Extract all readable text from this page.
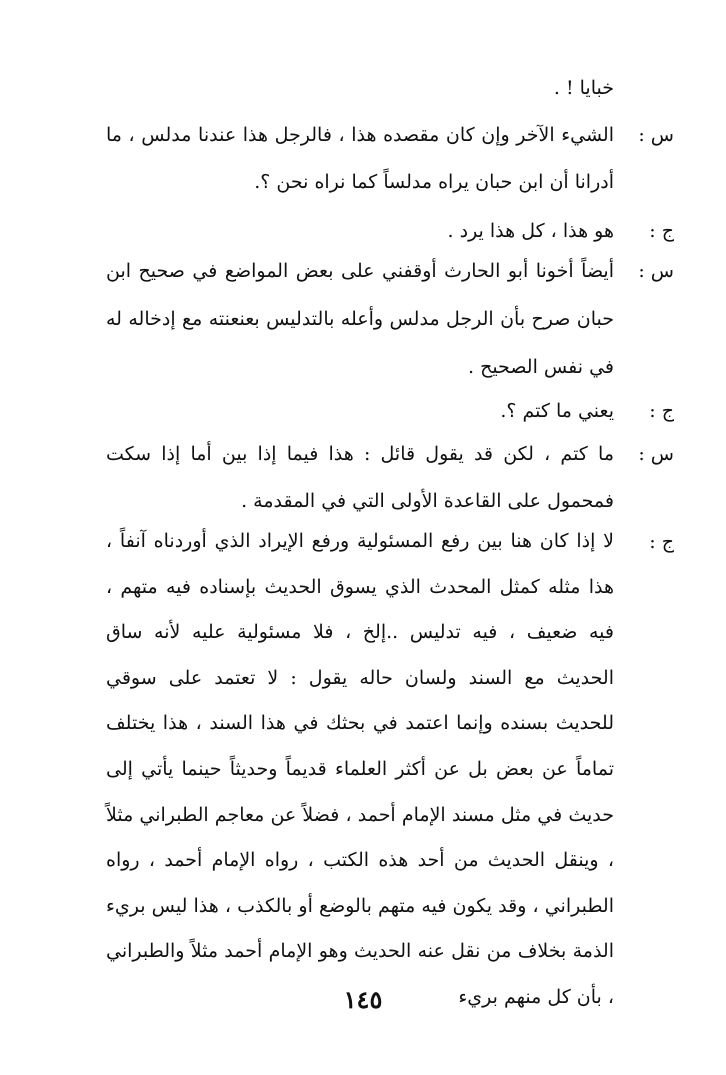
خبايا ! .
س :
الشيء الآخر وإن كان مقصده هذا ، فالرجل هذا عندنا مدلس ، ما أدرانا أن ابن حبان يراه مدلساً كما نراه نحن ؟.
ج :
هو هذا ، كل هذا يرد .
س :
أيضاً أخونا أبو الحارث أوقفني على بعض المواضع في صحيح ابن حبان صرح بأن الرجل مدلس وأعله بالتدليس بعنعنته مع إدخاله له في نفس الصحيح .
ج :
يعني ما كتم ؟.
س :
ما كتم ، لكن قد يقول قائل : هذا فيما إذا بين أما إذا سكت فمحمول على القاعدة الأولى التي في المقدمة .
ج :
لا إذا كان هنا بين رفع المسئولية ورفع الإيراد الذي أوردناه آنفاً ، هذا مثله كمثل المحدث الذي يسوق الحديث بإسناده فيه متهم ، فيه ضعيف ، فيه تدليس ..إلخ ، فلا مسئولية عليه لأنه ساق الحديث مع السند ولسان حاله يقول : لا تعتمد على سوقي للحديث بسنده وإنما اعتمد في بحثك في هذا السند ، هذا يختلف تماماً عن بعض بل عن أكثر العلماء قديماً وحديثاً حينما يأتي إلى حديث في مثل مسند الإمام أحمد ، فضلاً عن معاجم الطبراني مثلاً ، وينقل الحديث من أحد هذه الكتب ، رواه الإمام أحمد ، رواه الطبراني ، وقد يكون فيه متهم بالوضع أو بالكذب ، هذا ليس بريء الذمة بخلاف من نقل عنه الحديث وهو الإمام أحمد مثلاً والطبراني ، بأن كل منهم بريء
١٤٥
